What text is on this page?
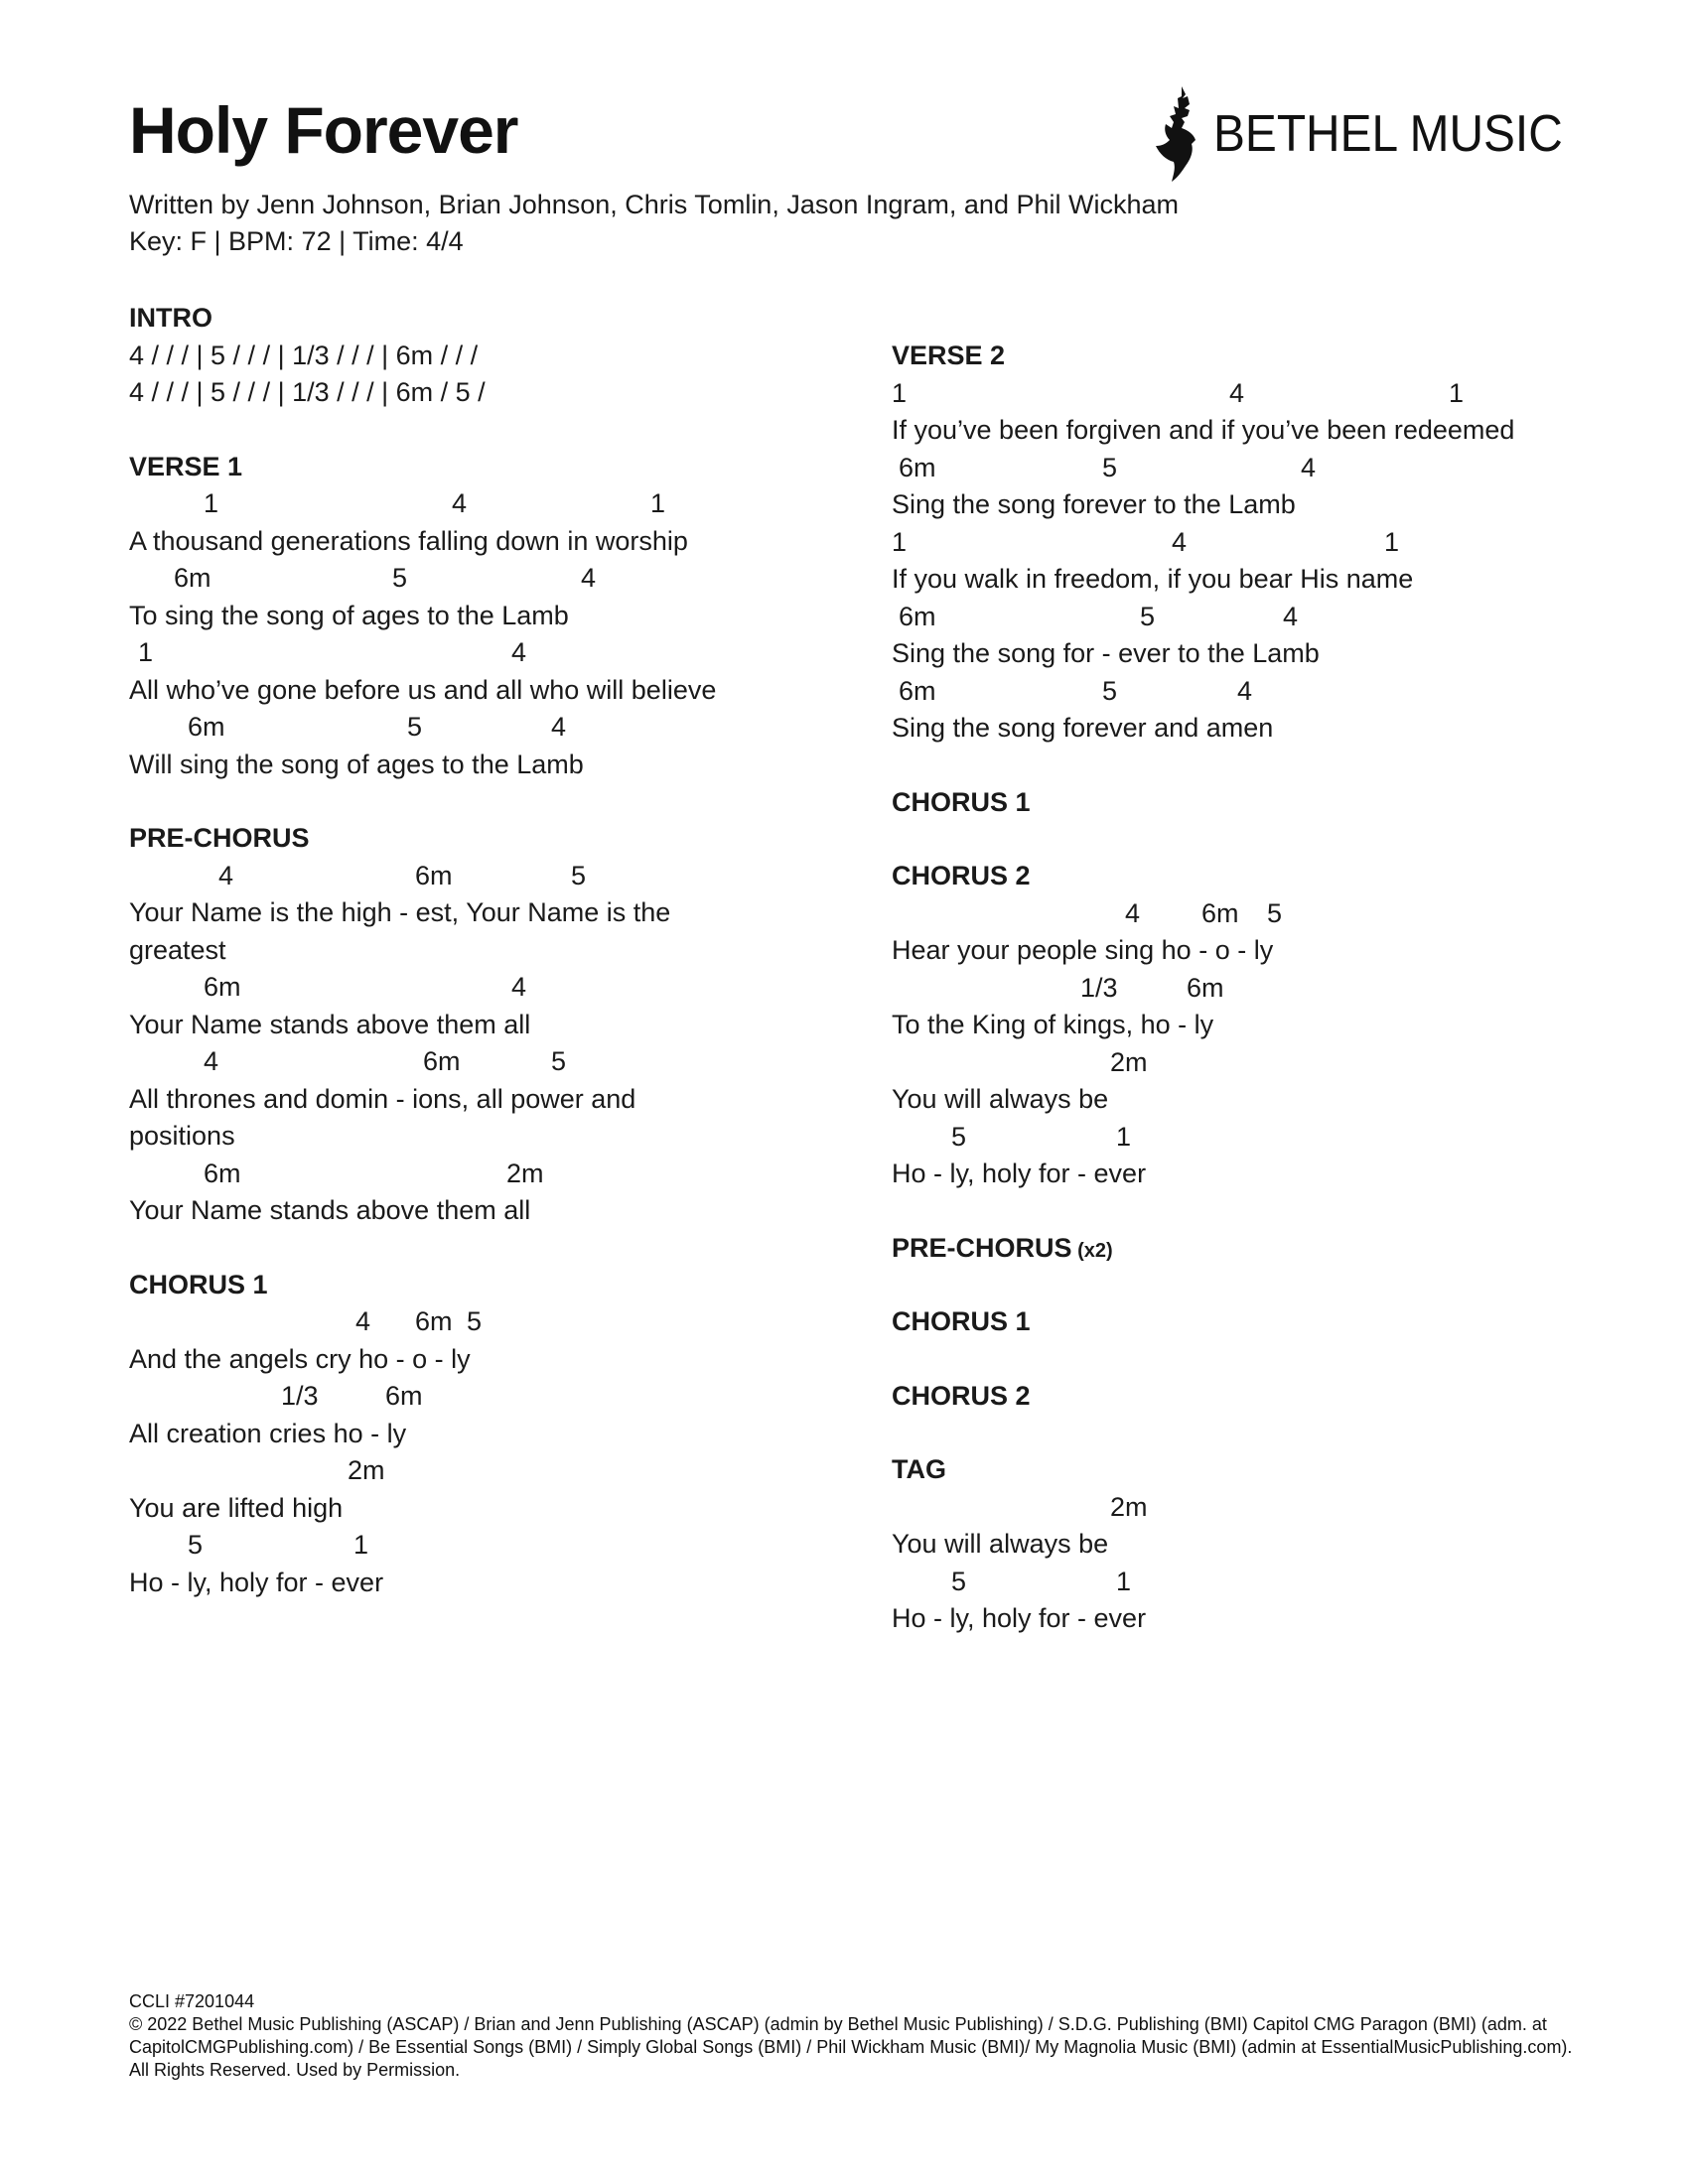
Holy Forever	BETHEL MUSIC
Written by Jenn Johnson, Brian Johnson, Chris Tomlin, Jason Ingram, and Phil Wickham
Key: F | BPM: 72 | Time: 4/4
INTRO
4 / / / | 5 / / / | 1/3 / / / | 6m / / /
4 / / / | 5 / / / | 1/3 / / / | 6m / 5 /
VERSE 1
1	4	1
A thousand generations falling down in worship
6m	5	4
To sing the song of ages to the Lamb
1	4
All who’ve gone before us and all who will believe
6m	5	4
Will sing the song of ages to the Lamb
PRE-CHORUS
4	6m	5
Your Name is the high - est, Your Name is the greatest
6m	4
Your Name stands above them all
4	6m	5
All thrones and domin - ions, all power and positions
6m	2m
Your Name stands above them all
CHORUS 1
4 6m 5
And the angels cry ho - o - ly
1/3 6m
All creation cries ho - ly
2m
You are lifted high
5	1
Ho - ly, holy for - ever
VERSE 2
1	4	1
If you’ve been forgiven and if you’ve been redeemed
6m	5	4
Sing the song forever to the Lamb
1	4	1
If you walk in freedom, if you bear His name
6m	5	4
Sing the song for - ever to the Lamb
6m	5	4
Sing the song forever and amen
CHORUS 1
CHORUS 2
4 6m 5
Hear your people sing ho - o - ly
1/3	6m
To the King of kings, ho - ly
2m
You will always be
5	1
Ho - ly, holy for - ever
PRE-CHORUS (x2)
CHORUS 1
CHORUS 2
TAG
2m
You will always be
5	1
Ho - ly, holy for - ever
CCLI #7201044
© 2022 Bethel Music Publishing (ASCAP) / Brian and Jenn Publishing (ASCAP) (admin by Bethel Music Publishing) / S.D.G. Publishing (BMI) Capitol CMG Paragon (BMI) (adm. at CapitolCMGPublishing.com) / Be Essential Songs (BMI) / Simply Global Songs (BMI) / Phil Wickham Music (BMI)/ My Magnolia Music (BMI) (admin at EssentialMusicPublishing.com). All Rights Reserved. Used by Permission.
